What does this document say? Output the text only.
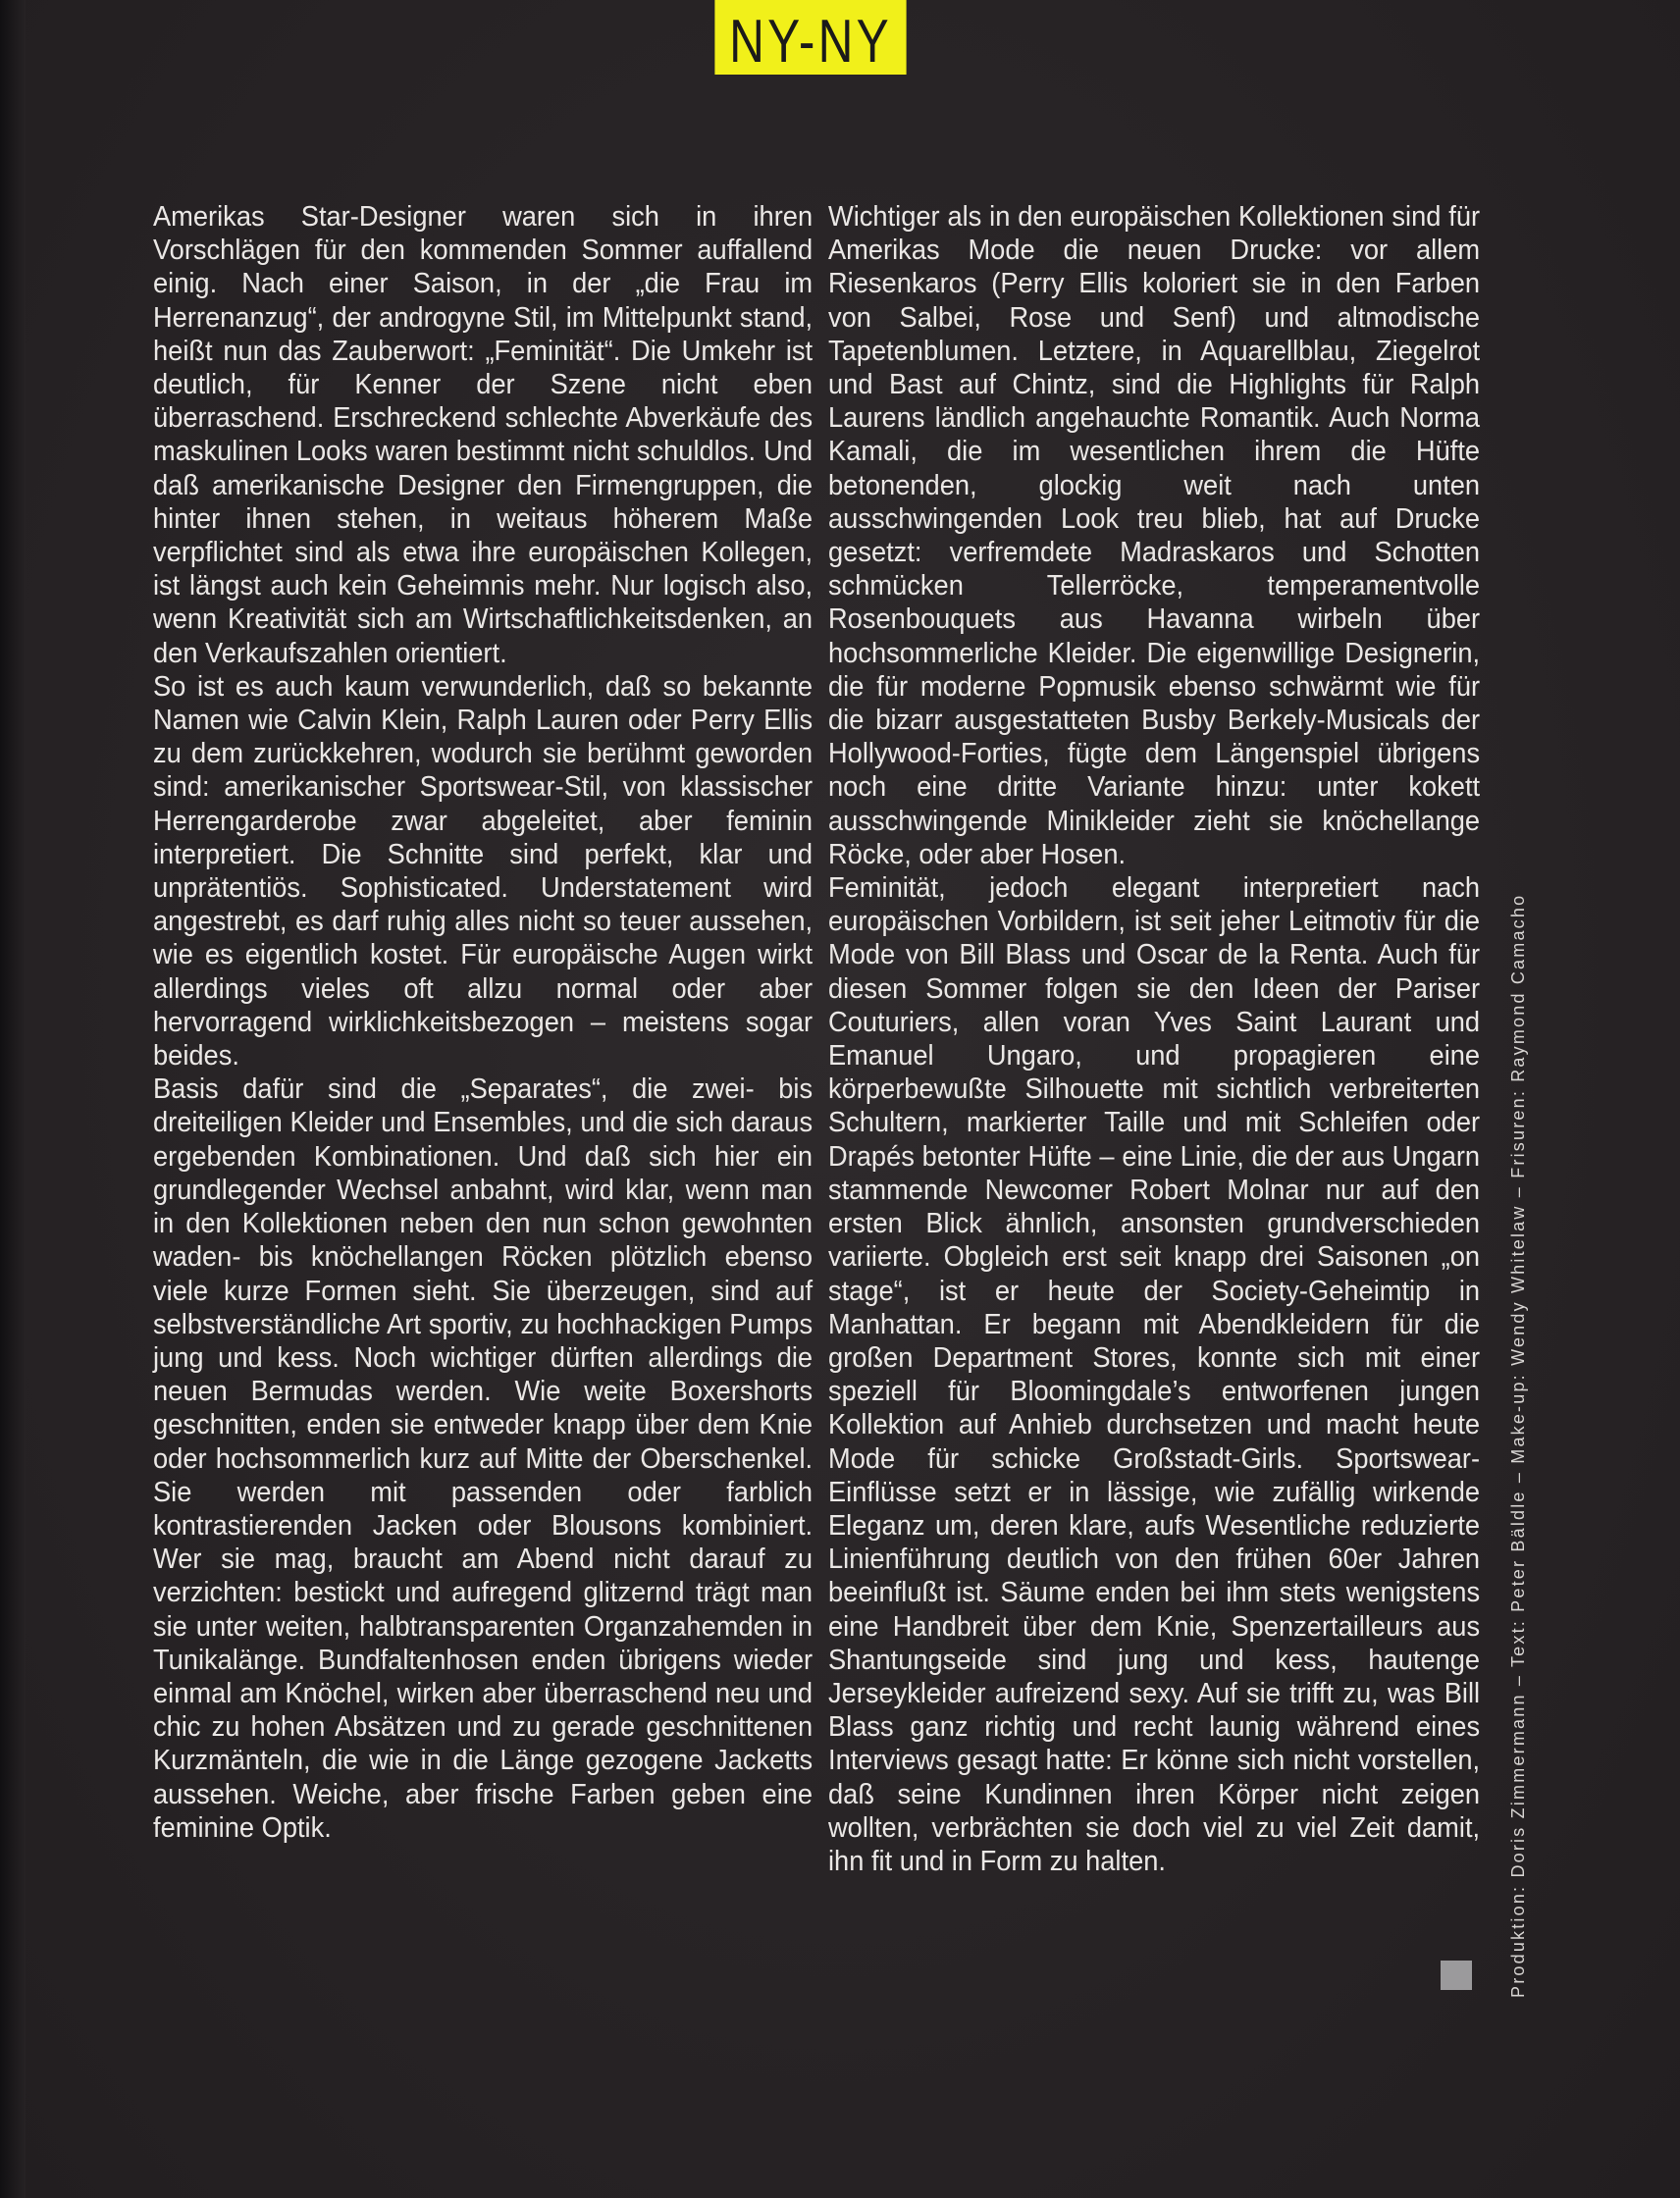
NY-NY

Amerikas Star-Designer waren sich in ihren Vorschlägen für den kommenden Sommer auffallend einig. Nach einer Saison, in der „die Frau im Herrenanzug“, der androgyne Stil, im Mittelpunkt stand, heißt nun das Zauberwort: „Feminität“. Die Umkehr ist deutlich, für Kenner der Szene nicht eben überraschend. Erschreckend schlechte Abverkäufe des maskulinen Looks waren bestimmt nicht schuldlos. Und daß amerikanische Designer den Firmengruppen, die hinter ihnen stehen, in weitaus höherem Maße verpflichtet sind als etwa ihre europäischen Kollegen, ist längst auch kein Geheimnis mehr. Nur logisch also, wenn Kreativität sich am Wirtschaftlichkeitsdenken, an den Verkaufszahlen orientiert.

So ist es auch kaum verwunderlich, daß so bekannte Namen wie Calvin Klein, Ralph Lauren oder Perry Ellis zu dem zurückkehren, wodurch sie berühmt geworden sind: amerikanischer Sportswear-Stil, von klassischer Herrengarderobe zwar abgeleitet, aber feminin interpretiert. Die Schnitte sind perfekt, klar und unprätentiös. Sophisticated. Understatement wird angestrebt, es darf ruhig alles nicht so teuer aussehen, wie es eigentlich kostet. Für europäische Augen wirkt allerdings vieles oft allzu normal oder aber hervorragend wirklichkeitsbezogen – meistens sogar beides.

Basis dafür sind die „Separates“, die zwei- bis dreiteiligen Kleider und Ensembles, und die sich daraus ergebenden Kombinationen. Und daß sich hier ein grundlegender Wechsel anbahnt, wird klar, wenn man in den Kollektionen neben den nun schon gewohnten waden- bis knöchellangen Röcken plötzlich ebenso viele kurze Formen sieht. Sie überzeugen, sind auf selbstverständliche Art sportiv, zu hochhackigen Pumps jung und kess. Noch wichtiger dürften allerdings die neuen Bermudas werden. Wie weite Boxershorts geschnitten, enden sie entweder knapp über dem Knie oder hochsommerlich kurz auf Mitte der Oberschenkel. Sie werden mit passenden oder farblich kontrastierenden Jacken oder Blousons kombiniert. Wer sie mag, braucht am Abend nicht darauf zu verzichten: bestickt und aufregend glitzernd trägt man sie unter weiten, halbtransparenten Organzahemden in Tunikalänge. Bundfaltenhosen enden übrigens wieder einmal am Knöchel, wirken aber überraschend neu und chic zu hohen Absätzen und zu gerade geschnittenen Kurzmänteln, die wie in die Länge gezogene Jacketts aussehen. Weiche, aber frische Farben geben eine feminine Optik.

Wichtiger als in den europäischen Kollektionen sind für Amerikas Mode die neuen Drucke: vor allem Riesenkaros (Perry Ellis koloriert sie in den Farben von Salbei, Rose und Senf) und altmodische Tapetenblumen. Letztere, in Aquarellblau, Ziegelrot und Bast auf Chintz, sind die Highlights für Ralph Laurens ländlich angehauchte Romantik. Auch Norma Kamali, die im wesentlichen ihrem die Hüfte betonenden, glockig weit nach unten ausschwingenden Look treu blieb, hat auf Drucke gesetzt: verfremdete Madraskaros und Schotten schmücken Tellerröcke, temperamentvolle Rosenbouquets aus Havanna wirbeln über hochsommerliche Kleider. Die eigenwillige Designerin, die für moderne Popmusik ebenso schwärmt wie für die bizarr ausgestatteten Busby Berkely-Musicals der Hollywood-Forties, fügte dem Längenspiel übrigens noch eine dritte Variante hinzu: unter kokett ausschwingende Minikleider zieht sie knöchellange Röcke, oder aber Hosen.

Feminität, jedoch elegant interpretiert nach europäischen Vorbildern, ist seit jeher Leitmotiv für die Mode von Bill Blass und Oscar de la Renta. Auch für diesen Sommer folgen sie den Ideen der Pariser Couturiers, allen voran Yves Saint Laurant und Emanuel Ungaro, und propagieren eine körperbewußte Silhouette mit sichtlich verbreiterten Schultern, markierter Taille und mit Schleifen oder Drapés betonter Hüfte – eine Linie, die der aus Ungarn stammende Newcomer Robert Molnar nur auf den ersten Blick ähnlich, ansonsten grundverschieden variierte. Obgleich erst seit knapp drei Saisonen „on stage“, ist er heute der Society-Geheimtip in Manhattan. Er begann mit Abendkleidern für die großen Department Stores, konnte sich mit einer speziell für Bloomingdale’s entworfenen jungen Kollektion auf Anhieb durchsetzen und macht heute Mode für schicke Großstadt-Girls. Sportswear-Einflüsse setzt er in lässige, wie zufällig wirkende Eleganz um, deren klare, aufs Wesentliche reduzierte Linienführung deutlich von den frühen 60er Jahren beeinflußt ist. Säume enden bei ihm stets wenigstens eine Handbreit über dem Knie, Spenzertailleurs aus Shantungseide sind jung und kess, hautenge Jerseykleider aufreizend sexy. Auf sie trifft zu, was Bill Blass ganz richtig und recht launig während eines Interviews gesagt hatte: Er könne sich nicht vorstellen, daß seine Kundinnen ihren Körper nicht zeigen wollten, verbrächten sie doch viel zu viel Zeit damit, ihn fit und in Form zu halten.	Produktion: Doris Zimmermann – Text: Peter Bäldle – Make-up: Wendy Whitelaw – Frisuren: Raymond Camacho
